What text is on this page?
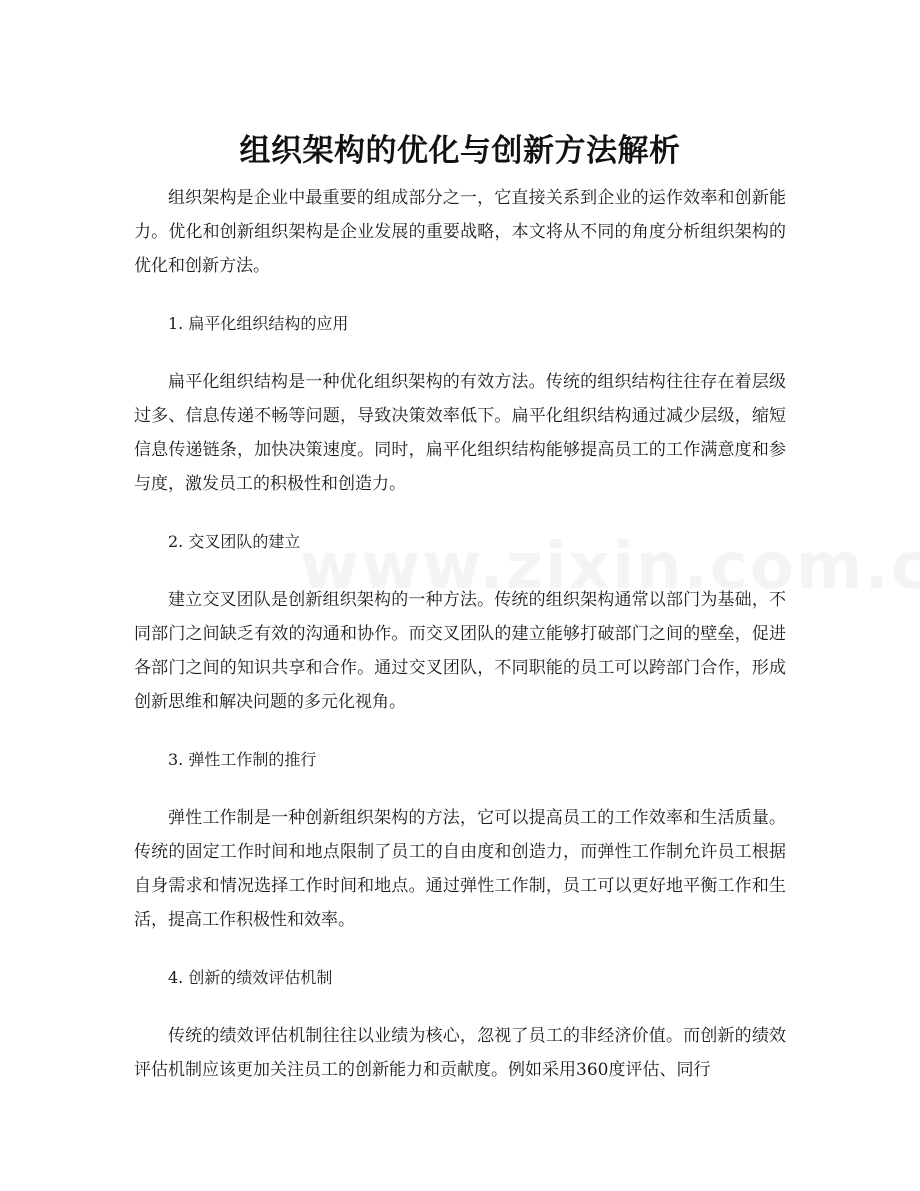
组织架构的优化与创新方法解析

组织架构是企业中最重要的组成部分之一，它直接关系到企业的运作效率和创新能力。优化和创新组织架构是企业发展的重要战略，本文将从不同的角度分析组织架构的优化和创新方法。

1. 扁平化组织结构的应用

扁平化组织结构是一种优化组织架构的有效方法。传统的组织结构往往存在着层级过多、信息传递不畅等问题，导致决策效率低下。扁平化组织结构通过减少层级，缩短信息传递链条，加快决策速度。同时，扁平化组织结构能够提高员工的工作满意度和参与度，激发员工的积极性和创造力。

2. 交叉团队的建立

建立交叉团队是创新组织架构的一种方法。传统的组织架构通常以部门为基础，不同部门之间缺乏有效的沟通和协作。而交叉团队的建立能够打破部门之间的壁垒，促进各部门之间的知识共享和合作。通过交叉团队，不同职能的员工可以跨部门合作，形成创新思维和解决问题的多元化视角。

3. 弹性工作制的推行

弹性工作制是一种创新组织架构的方法，它可以提高员工的工作效率和生活质量。传统的固定工作时间和地点限制了员工的自由度和创造力，而弹性工作制允许员工根据自身需求和情况选择工作时间和地点。通过弹性工作制，员工可以更好地平衡工作和生活，提高工作积极性和效率。

4. 创新的绩效评估机制

传统的绩效评估机制往往以业绩为核心，忽视了员工的非经济价值。而创新的绩效评估机制应该更加关注员工的创新能力和贡献度。例如采用360度评估、同行
